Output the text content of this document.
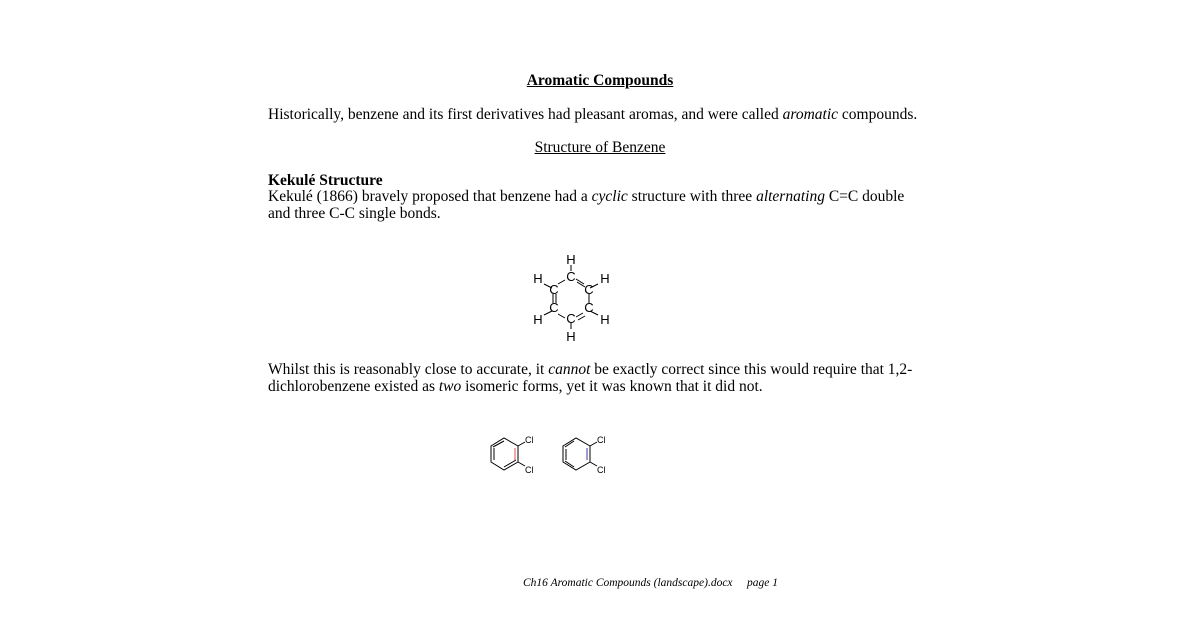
Aromatic Compounds
Historically, benzene and its first derivatives had pleasant aromas, and were called aromatic compounds.
Structure of Benzene
Kekulé Structure
Kekulé (1866) bravely proposed that benzene had a cyclic structure with three alternating C=C double and three C-C single bonds.
H
C
H	H
C C
C C
H	H
C
H
Whilst this is reasonably close to accurate, it cannot be exactly correct since this would require that 1,2-dichlorobenzene existed as two isomeric forms, yet it was known that it did not.
Cl
Cl
Cl
Cl
Ch16 Aromatic Compounds (landscape).docx page 1
